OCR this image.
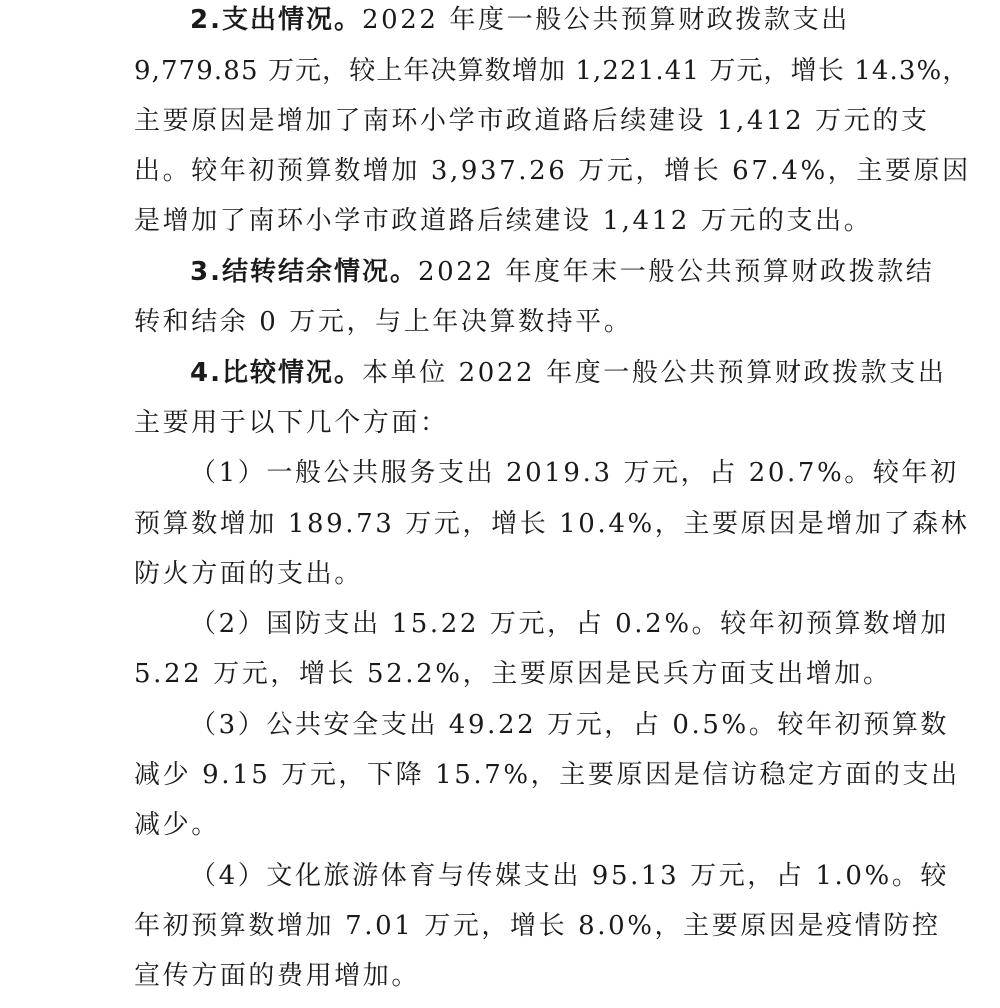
2.支出情况。2022 年度一般公共预算财政拨款支出
9,779.85 万元，较上年决算数增加 1,221.41 万元，增长 14.3%，
主要原因是增加了南环小学市政道路后续建设 1,412 万元的支
出。较年初预算数增加 3,937.26 万元，增长 67.4%，主要原因
是增加了南环小学市政道路后续建设 1,412 万元的支出。
3.结转结余情况。2022 年度年末一般公共预算财政拨款结
转和结余 0 万元，与上年决算数持平。
4.比较情况。本单位 2022 年度一般公共预算财政拨款支出
主要用于以下几个方面：
（1）一般公共服务支出 2019.3 万元，占 20.7%。较年初
预算数增加 189.73 万元，增长 10.4%，主要原因是增加了森林
防火方面的支出。
（2）国防支出 15.22 万元，占 0.2%。较年初预算数增加
5.22 万元，增长 52.2%，主要原因是民兵方面支出增加。
（3）公共安全支出 49.22 万元，占 0.5%。较年初预算数
减少 9.15 万元，下降 15.7%，主要原因是信访稳定方面的支出
减少。
（4）文化旅游体育与传媒支出 95.13 万元，占 1.0%。较
年初预算数增加 7.01 万元，增长 8.0%，主要原因是疫情防控
宣传方面的费用增加。
